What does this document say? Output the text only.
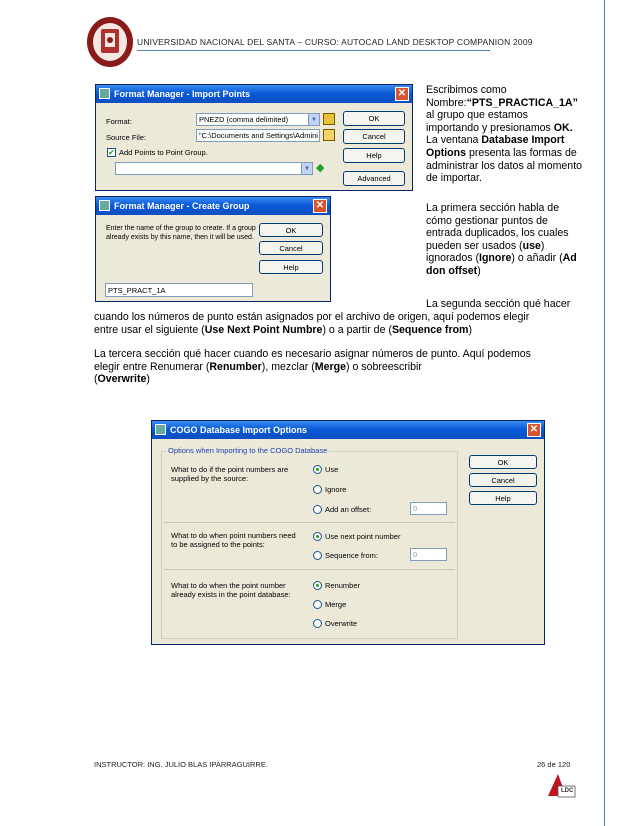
UNIVERSIDAD NACIONAL DEL SANTA – CURSO: AUTOCAD LAND DESKTOP COMPANION 2009
Format Manager - Import Points	✕
Format:	PNEZD (comma delimited)	▼
Source File:	"C:\Documents and Settings\Admini
✔ Add Points to Point Group.
▼ ◆
OK
Cancel
Help
Advanced
Format Manager - Create Group	✕
Enter the name of the group to create. If a group already exists by this name, then it will be used.
OK
Cancel
Help
PTS_PRACT_1A
Escribimos como
Nombre:“PTS_PRACTICA_1A”
al grupo que estamos
importando y presionamos OK.
La ventana Database Import
Options presenta las formas de
administrar los datos al momento
de importar.
La primera sección habla de
cómo gestionar puntos de
entrada duplicados, los cuales
pueden ser usados (use)
ignorados (Ignore) o añadir (Ad
don offset)
La segunda sección qué hacer
cuando los números de punto están asignados por el archivo de origen, aquí podemos elegir
entre usar el siguiente (Use Next Point Numbre) o a partir de (Sequence from)
La tercera sección qué hacer cuando es necesario asignar números de punto. Aquí podemos
elegir entre Renumerar (Renumber), mezclar (Merge) o sobreescribir
(Overwrite)
COGO Database Import Options	✕
Options when Importing to the COGO Database
What to do if the point numbers are supplied by the source:
Use
Ignore
Add an offset:	0
What to do when point numbers need to be assigned to the points:
Use next point number
Sequence from:	0
What to do when the point number already exists in the point database:
Renumber
Merge
Overwrite
OK
Cancel
Help
INSTRUCTOR: ING. JULIO BLAS IPARRAGUIRRE.	26 de 120
LDC
